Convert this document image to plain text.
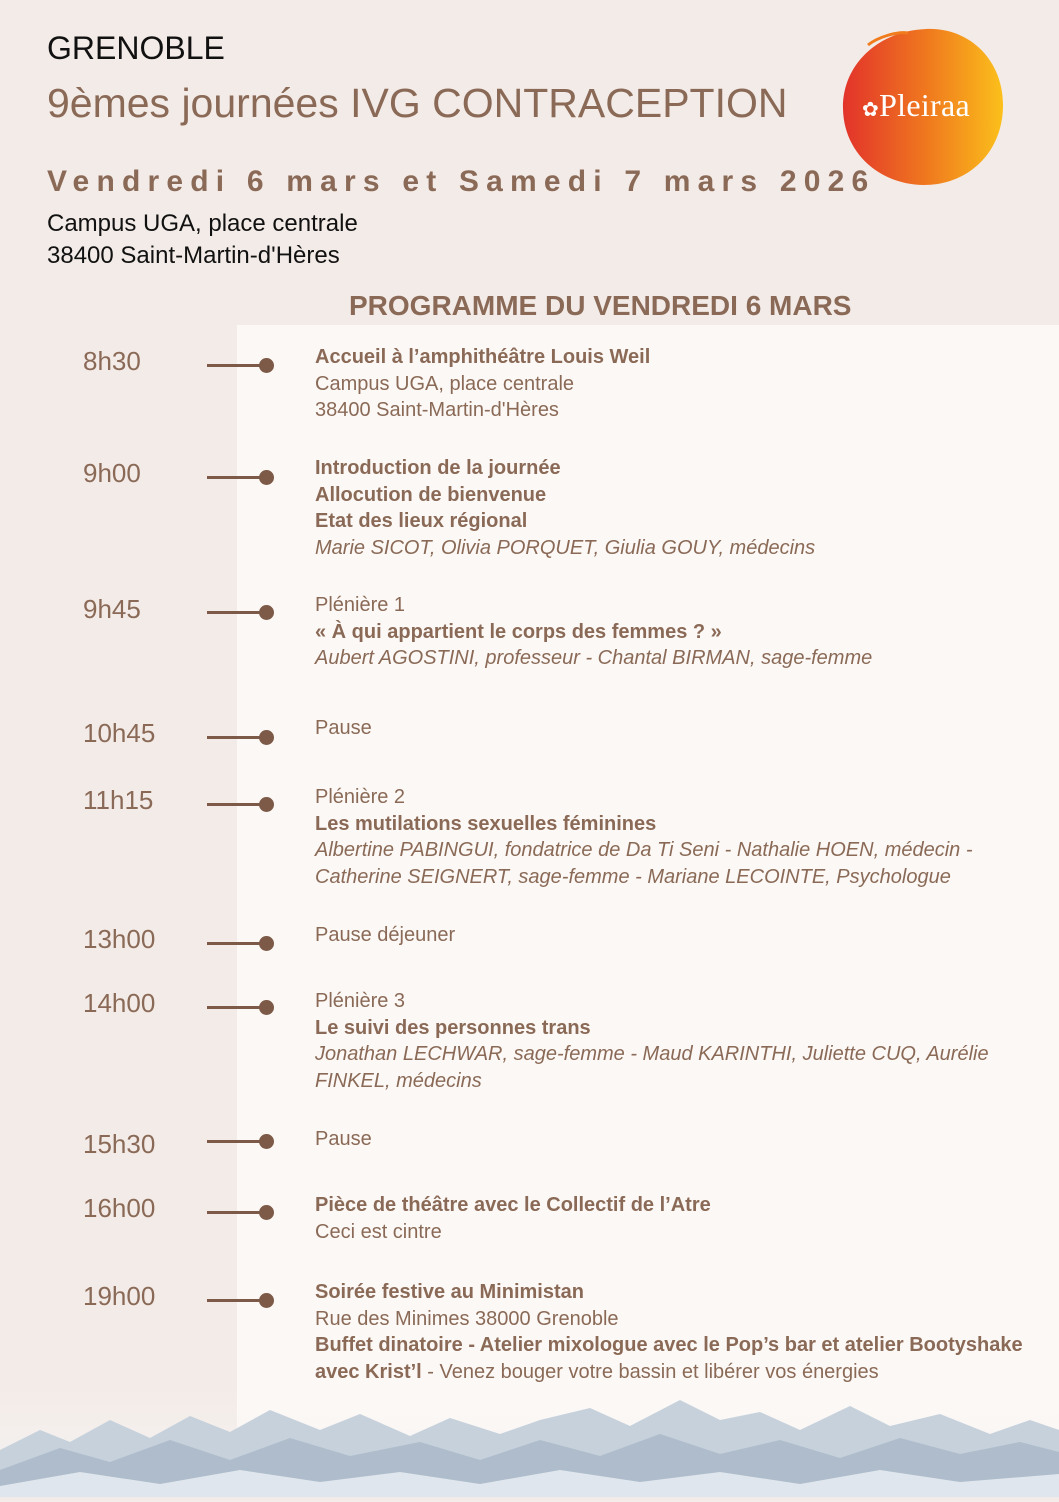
GRENOBLE
9èmes journées IVG CONTRACEPTION
Vendredi 6 mars et Samedi 7 mars 2026
Campus UGA, place centrale
38400 Saint-Martin-d'Hères
✿Pleiraa
PROGRAMME DU VENDREDI 6 MARS
8h30	Accueil à l’amphithéâtre Louis Weil
Campus UGA, place centrale
38400 Saint-Martin-d'Hères
9h00	Introduction de la journée
Allocution de bienvenue
Etat des lieux régional
Marie SICOT, Olivia PORQUET, Giulia GOUY, médecins
9h45	Plénière 1
« À qui appartient le corps des femmes ? »
Aubert AGOSTINI, professeur - Chantal BIRMAN, sage-femme
10h45	Pause
11h15	Plénière 2
Les mutilations sexuelles féminines
Albertine PABINGUI, fondatrice de Da Ti Seni - Nathalie HOEN, médecin - Catherine SEIGNERT, sage-femme - Mariane LECOINTE, Psychologue
13h00	Pause déjeuner
14h00	Plénière 3
Le suivi des personnes trans
Jonathan LECHWAR, sage-femme - Maud KARINTHI, Juliette CUQ, Aurélie FINKEL, médecins
15h30	Pause
16h00	Pièce de théâtre avec le Collectif de l’Atre
Ceci est cintre
19h00	Soirée festive au Minimistan
Rue des Minimes 38000 Grenoble
Buffet dinatoire - Atelier mixologue avec le Pop’s bar et atelier Bootyshake avec Krist’l - Venez bouger votre bassin et libérer vos énergies
